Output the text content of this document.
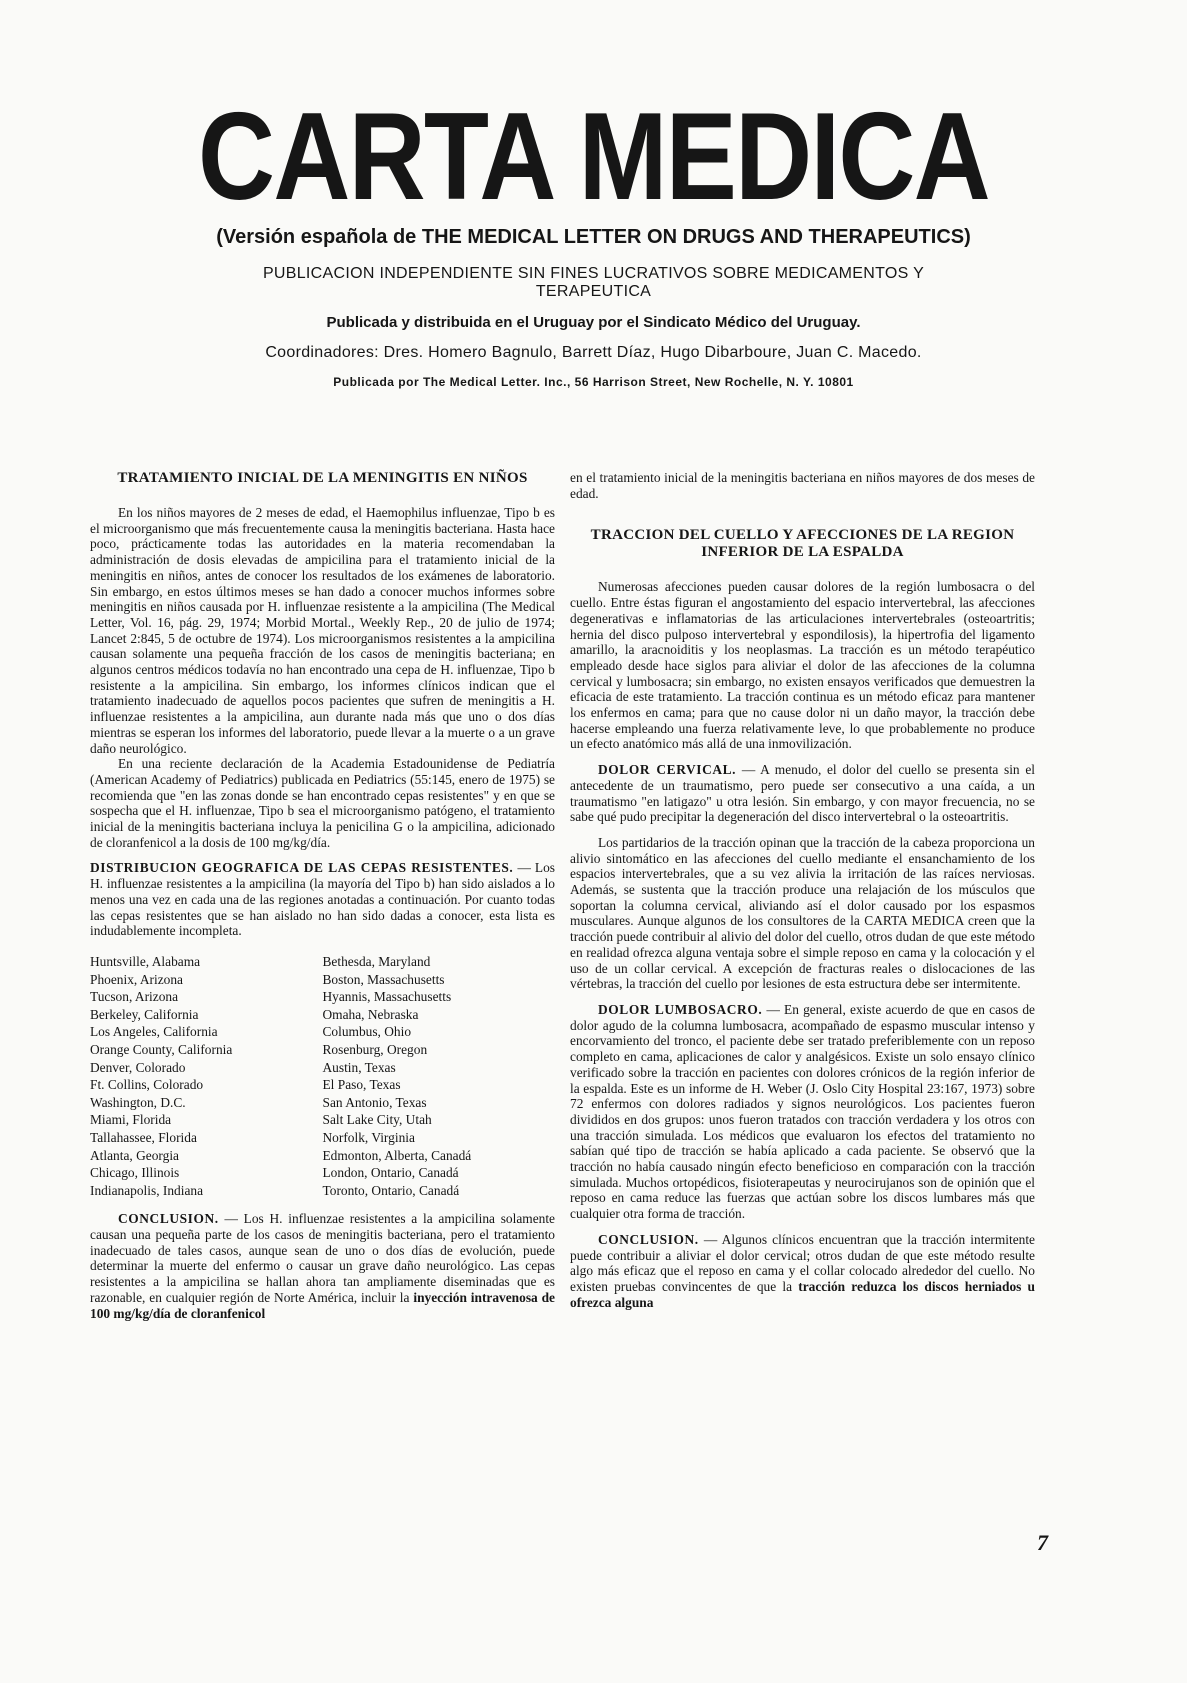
CARTA MEDICA
(Versión española de THE MEDICAL LETTER ON DRUGS AND THERAPEUTICS)
PUBLICACION INDEPENDIENTE SIN FINES LUCRATIVOS SOBRE MEDICAMENTOS Y
TERAPEUTICA
Publicada y distribuida en el Uruguay por el Sindicato Médico del Uruguay.
Coordinadores: Dres. Homero Bagnulo, Barrett Díaz, Hugo Dibarboure, Juan C. Macedo.
Publicada por The Medical Letter. Inc., 56 Harrison Street, New Rochelle, N. Y. 10801
TRATAMIENTO INICIAL DE LA MENINGITIS EN NIÑOS

En los niños mayores de 2 meses de edad, el Haemophilus influenzae, Tipo b es el microorganismo que más frecuentemente causa la meningitis bacteriana. Hasta hace poco, prácticamente todas las autoridades en la materia recomendaban la administración de dosis elevadas de ampicilina para el tratamiento inicial de la meningitis en niños, antes de conocer los resultados de los exámenes de laboratorio. Sin embargo, en estos últimos meses se han dado a conocer muchos informes sobre meningitis en niños causada por H. influenzae resistente a la ampicilina (The Medical Letter, Vol. 16, pág. 29, 1974; Morbid Mortal., Weekly Rep., 20 de julio de 1974; Lancet 2:845, 5 de octubre de 1974). Los microorganismos resistentes a la ampicilina causan solamente una pequeña fracción de los casos de meningitis bacteriana; en algunos centros médicos todavía no han encontrado una cepa de H. influenzae, Tipo b resistente a la ampicilina. Sin embargo, los informes clínicos indican que el tratamiento inadecuado de aquellos pocos pacientes que sufren de meningitis a H. influenzae resistentes a la ampicilina, aun durante nada más que uno o dos días mientras se esperan los informes del laboratorio, puede llevar a la muerte o a un grave daño neurológico.

En una reciente declaración de la Academia Estadounidense de Pediatría (American Academy of Pediatrics) publicada en Pediatrics (55:145, enero de 1975) se recomienda que "en las zonas donde se han encontrado cepas resistentes" y en que se sospecha que el H. influenzae, Tipo b sea el microorganismo patógeno, el tratamiento inicial de la meningitis bacteriana incluya la penicilina G o la ampicilina, adicionado de cloranfenicol a la dosis de 100 mg/kg/día.

DISTRIBUCION GEOGRAFICA DE LAS CEPAS RESISTENTES. — Los H. influenzae resistentes a la ampicilina (la mayoría del Tipo b) han sido aislados a lo menos una vez en cada una de las regiones anotadas a continuación. Por cuanto todas las cepas resistentes que se han aislado no han sido dadas a conocer, esta lista es indudablemente incompleta.

Huntsville, Alabama
Phoenix, Arizona
Tucson, Arizona
Berkeley, California
Los Angeles, California
Orange County, California
Denver, Colorado
Ft. Collins, Colorado
Washington, D.C.
Miami, Florida
Tallahassee, Florida
Atlanta, Georgia
Chicago, Illinois
Indianapolis, Indiana
Bethesda, Maryland
Boston, Massachusetts
Hyannis, Massachusetts
Omaha, Nebraska
Columbus, Ohio
Rosenburg, Oregon
Austin, Texas
El Paso, Texas
San Antonio, Texas
Salt Lake City, Utah
Norfolk, Virginia
Edmonton, Alberta, Canadá
London, Ontario, Canadá
Toronto, Ontario, Canadá

CONCLUSION. — Los H. influenzae resistentes a la ampicilina solamente causan una pequeña parte de los casos de meningitis bacteriana, pero el tratamiento inadecuado de tales casos, aunque sean de uno o dos días de evolución, puede determinar la muerte del enfermo o causar un grave daño neurológico. Las cepas resistentes a la ampicilina se hallan ahora tan ampliamente diseminadas que es razonable, en cualquier región de Norte América, incluir la inyección intravenosa de 100 mg/kg/día de cloranfenicol

en el tratamiento inicial de la meningitis bacteriana en niños mayores de dos meses de edad.

TRACCION DEL CUELLO Y AFECCIONES DE LA REGION INFERIOR DE LA ESPALDA

Numerosas afecciones pueden causar dolores de la región lumbosacra o del cuello. Entre éstas figuran el angostamiento del espacio intervertebral, las afecciones degenerativas e inflamatorias de las articulaciones intervertebrales (osteoartritis; hernia del disco pulposo intervertebral y espondilosis), la hipertrofia del ligamento amarillo, la aracnoiditis y los neoplasmas. La tracción es un método terapéutico empleado desde hace siglos para aliviar el dolor de las afecciones de la columna cervical y lumbosacra; sin embargo, no existen ensayos verificados que demuestren la eficacia de este tratamiento. La tracción continua es un método eficaz para mantener los enfermos en cama; para que no cause dolor ni un daño mayor, la tracción debe hacerse empleando una fuerza relativamente leve, lo que probablemente no produce un efecto anatómico más allá de una inmovilización.

DOLOR CERVICAL. — A menudo, el dolor del cuello se presenta sin el antecedente de un traumatismo, pero puede ser consecutivo a una caída, a un traumatismo "en latigazo" u otra lesión. Sin embargo, y con mayor frecuencia, no se sabe qué pudo precipitar la degeneración del disco intervertebral o la osteoartritis.

Los partidarios de la tracción opinan que la tracción de la cabeza proporciona un alivio sintomático en las afecciones del cuello mediante el ensanchamiento de los espacios intervertebrales, que a su vez alivia la irritación de las raíces nerviosas. Además, se sustenta que la tracción produce una relajación de los músculos que soportan la columna cervical, aliviando así el dolor causado por los espasmos musculares. Aunque algunos de los consultores de la CARTA MEDICA creen que la tracción puede contribuir al alivio del dolor del cuello, otros dudan de que este método en realidad ofrezca alguna ventaja sobre el simple reposo en cama y la colocación y el uso de un collar cervical. A excepción de fracturas reales o dislocaciones de las vértebras, la tracción del cuello por lesiones de esta estructura debe ser intermitente.

DOLOR LUMBOSACRO. — En general, existe acuerdo de que en casos de dolor agudo de la columna lumbosacra, acompañado de espasmo muscular intenso y encorvamiento del tronco, el paciente debe ser tratado preferiblemente con un reposo completo en cama, aplicaciones de calor y analgésicos. Existe un solo ensayo clínico verificado sobre la tracción en pacientes con dolores crónicos de la región inferior de la espalda. Este es un informe de H. Weber (J. Oslo City Hospital 23:167, 1973) sobre 72 enfermos con dolores radiados y signos neurológicos. Los pacientes fueron divididos en dos grupos: unos fueron tratados con tracción verdadera y los otros con una tracción simulada. Los médicos que evaluaron los efectos del tratamiento no sabían qué tipo de tracción se había aplicado a cada paciente. Se observó que la tracción no había causado ningún efecto beneficioso en comparación con la tracción simulada. Muchos ortopédicos, fisioterapeutas y neurocirujanos son de opinión que el reposo en cama reduce las fuerzas que actúan sobre los discos lumbares más que cualquier otra forma de tracción.

CONCLUSION. — Algunos clínicos encuentran que la tracción intermitente puede contribuir a aliviar el dolor cervical; otros dudan de que este método resulte algo más eficaz que el reposo en cama y el collar colocado alrededor del cuello. No existen pruebas convincentes de que la tracción reduzca los discos herniados u ofrezca alguna

7
